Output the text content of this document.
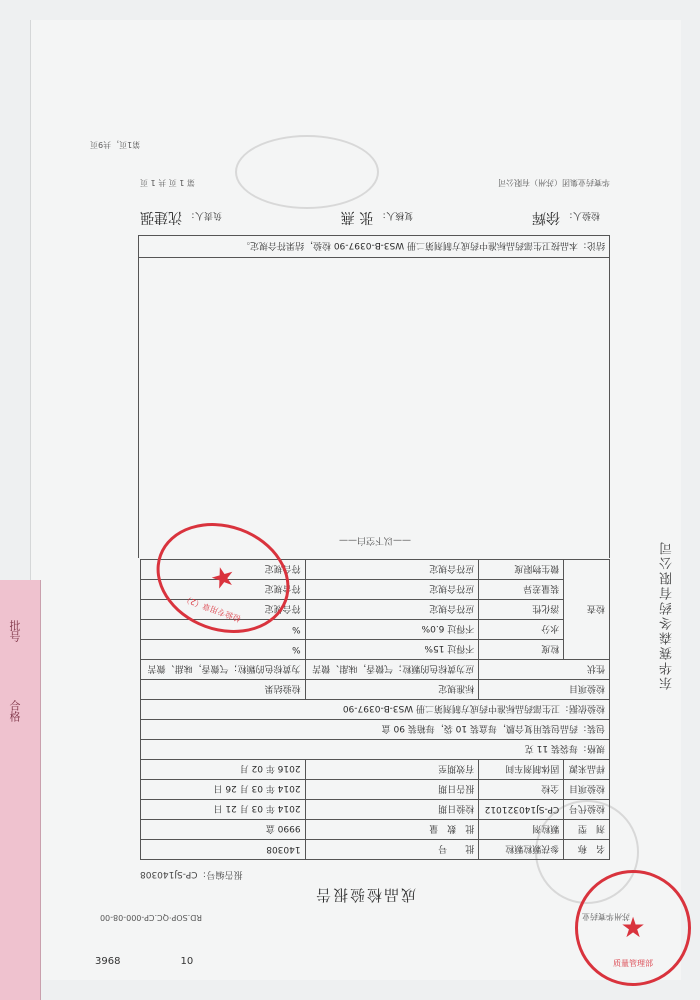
批号
合格
苏州华赛药业
RD.SOP·QC.CP-000-08-00
成品检验报告
报告编号：CP-SJ140308
名　称	参茯颗粒颗粒	批　　号	140308
剂　型	颗粒剂	批　数　量	9990 盒
检验代号	CP-SJ140321012	检验日期	2014 年 03 月 21 日
检验项目	全检	报告日期	2014 年 03 月 26 日
样品来源	固体制剂车间	有效期至	2016 年 02 月
规格：每袋装 11 克			
包装：药品包装用复合膜，每盒装 10 袋，每箱装 90 盒			
检验依据：卫生部药品标准中药成方制剂第二册 WS3-B-0397-90			
检验项目		标准规定	检验结果
性状		应为黄棕色的颗粒；气微香，味甜、微苦	为黄棕色的颗粒；气微香，味甜、微苦
检查	粒度	不得过 15%	%
	水分	不得过 6.0%	%
	溶化性	应符合规定	符合规定
	装量差异	应符合规定	符合规定
	微生物限度	应符合规定	符合规定
——以下空白——
结论：本品按卫生部药品标准中药成方制剂第二册 WS3-B-0397-90 检验，结果符合规定。
检验人：徐辉
复核人：张 燕
负责人：沈建强
华赛药业集团（苏州）有限公司
第 1 页 共 1 页
第1页，共9页
东华赛森冬药有限公司
★
检验专用章（2）
★
质量管理部
3968	10
